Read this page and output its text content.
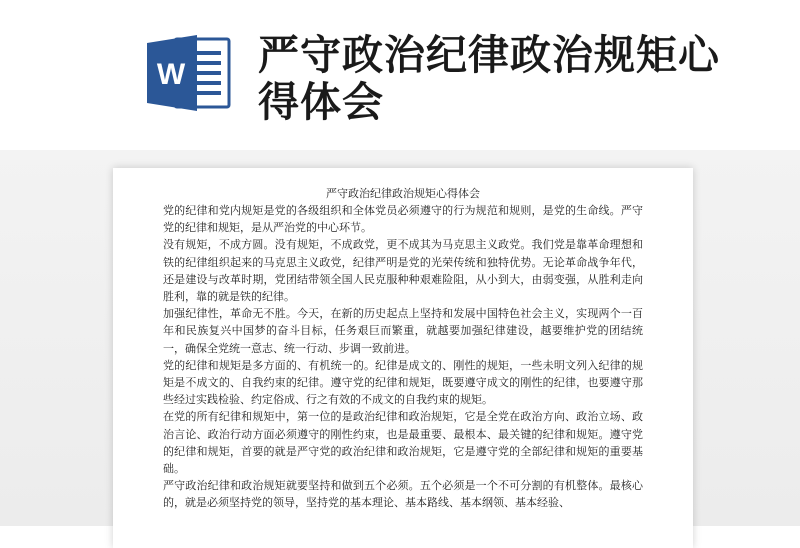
W 严守政治纪律政治规矩心得体会
严守政治纪律政治规矩心得体会

党的纪律和党内规矩是党的各级组织和全体党员必须遵守的行为规范和规则，是党的生命线。严守党的纪律和规矩，是从严治党的中心环节。

没有规矩，不成方圆。没有规矩，不成政党，更不成其为马克思主义政党。我们党是靠革命理想和铁的纪律组织起来的马克思主义政党，纪律严明是党的光荣传统和独特优势。无论革命战争年代，还是建设与改革时期，党团结带领全国人民克服种种艰难险阻，从小到大，由弱变强，从胜利走向胜利，靠的就是铁的纪律。

加强纪律性，革命无不胜。今天，在新的历史起点上坚持和发展中国特色社会主义，实现两个一百年和民族复兴中国梦的奋斗目标，任务艰巨而繁重，就越要加强纪律建设，越要维护党的团结统一，确保全党统一意志、统一行动、步调一致前进。

党的纪律和规矩是多方面的、有机统一的。纪律是成文的、刚性的规矩，一些未明文列入纪律的规矩是不成文的、自我约束的纪律。遵守党的纪律和规矩，既要遵守成文的刚性的纪律，也要遵守那些经过实践检验、约定俗成、行之有效的不成文的自我约束的规矩。

在党的所有纪律和规矩中，第一位的是政治纪律和政治规矩，它是全党在政治方向、政治立场、政治言论、政治行动方面必须遵守的刚性约束，也是最重要、最根本、最关键的纪律和规矩。遵守党的纪律和规矩，首要的就是严守党的政治纪律和政治规矩，它是遵守党的全部纪律和规矩的重要基础。

严守政治纪律和政治规矩就要坚持和做到五个必须。五个必须是一个不可分割的有机整体。最核心的，就是必须坚持党的领导，坚持党的基本理论、基本路线、基本纲领、基本经验、
